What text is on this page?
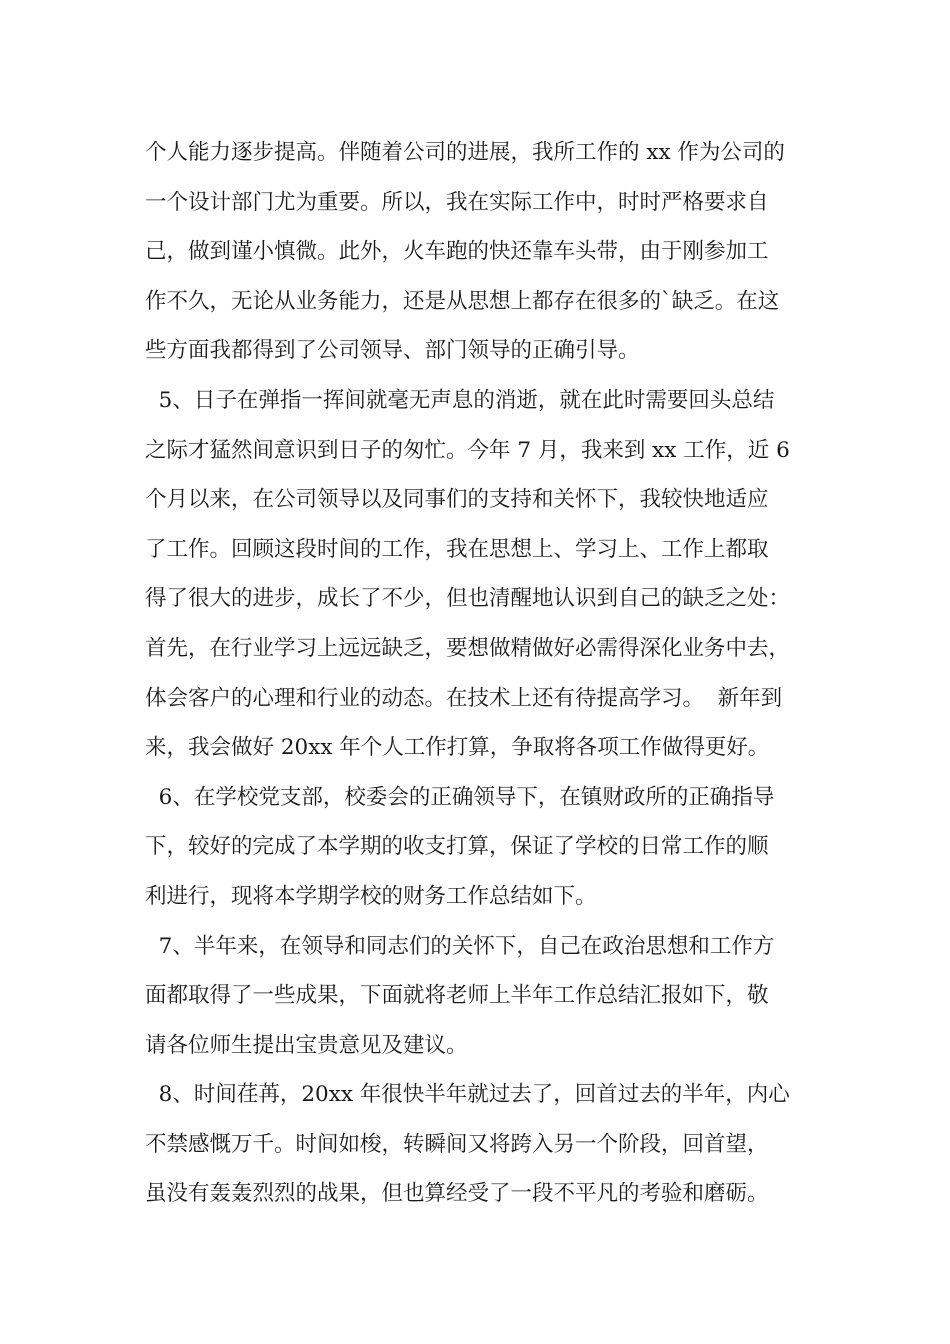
个人能力逐步提高。伴随着公司的进展，我所工作的 xx 作为公司的
一个设计部门尤为重要。所以，我在实际工作中，时时严格要求自
己，做到谨小慎微。此外，火车跑的快还靠车头带，由于刚参加工
作不久，无论从业务能力，还是从思想上都存在很多的`缺乏。在这
些方面我都得到了公司领导、部门领导的正确引导。
5、日子在弹指一挥间就毫无声息的消逝，就在此时需要回头总结
之际才猛然间意识到日子的匆忙。今年 7 月，我来到 xx 工作，近 6
个月以来，在公司领导以及同事们的支持和关怀下，我较快地适应
了工作。回顾这段时间的工作，我在思想上、学习上、工作上都取
得了很大的进步，成长了不少，但也清醒地认识到自己的缺乏之处：
首先，在行业学习上远远缺乏，要想做精做好必需得深化业务中去，
体会客户的心理和行业的动态。在技术上还有待提高学习。  新年到
来，我会做好 20xx 年个人工作打算，争取将各项工作做得更好。
6、在学校党支部，校委会的正确领导下，在镇财政所的正确指导
下，较好的完成了本学期的收支打算，保证了学校的日常工作的顺
利进行，现将本学期学校的财务工作总结如下。
7、半年来，在领导和同志们的关怀下，自己在政治思想和工作方
面都取得了一些成果，下面就将老师上半年工作总结汇报如下，敬
请各位师生提出宝贵意见及建议。
8、时间荏苒，20xx 年很快半年就过去了，回首过去的半年，内心
不禁感慨万千。时间如梭，转瞬间又将跨入另一个阶段，回首望，
虽没有轰轰烈烈的战果，但也算经受了一段不平凡的考验和磨砺。
